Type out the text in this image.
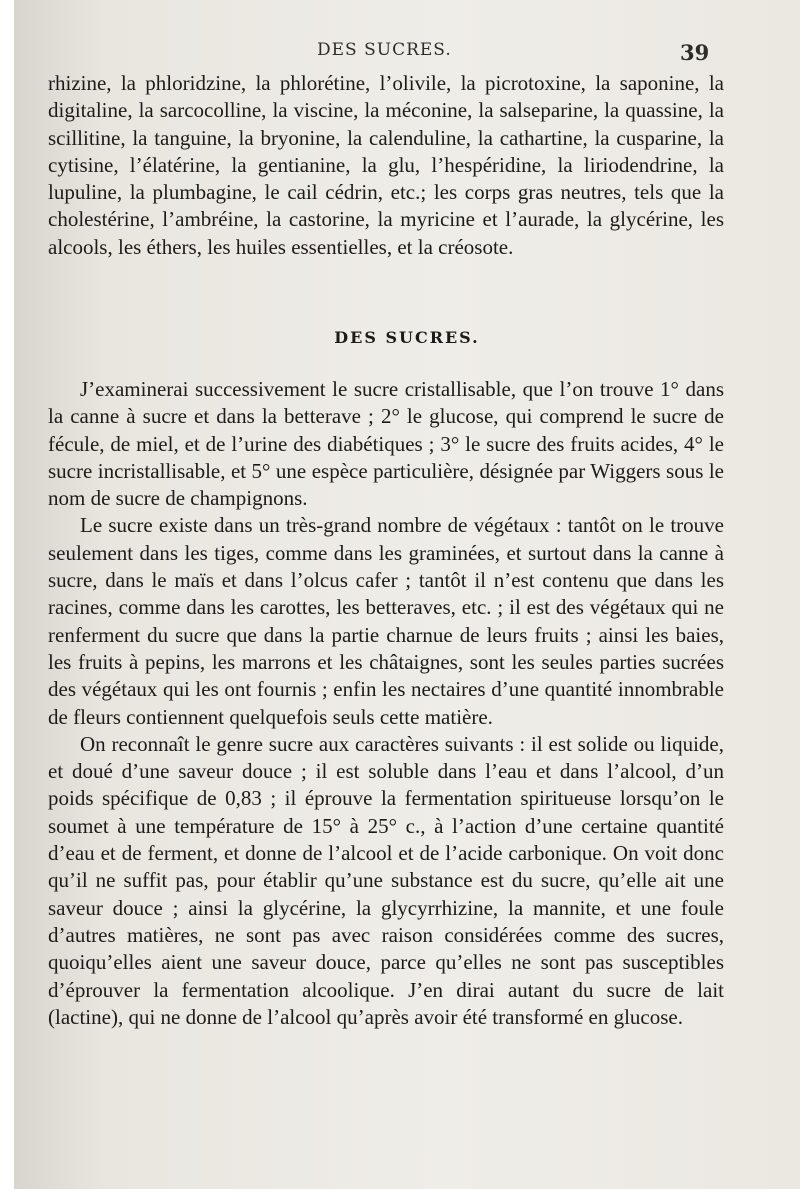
DES SUCRES.	39

rhizine, la phloridzine, la phlorétine, l’olivile, la picrotoxine, la saponine, la digitaline, la sarcocolline, la viscine, la méconine, la salseparine, la quassine, la scillitine, la tanguine, la bryonine, la calenduline, la cathartine, la cusparine, la cytisine, l’élatérine, la gentianine, la glu, l’hespéridine, la liriodendrine, la lupuline, la plumbagine, le cail cédrin, etc.; les corps gras neutres, tels que la cholestérine, l’ambréine, la castorine, la myricine et l’aurade, la glycérine, les alcools, les éthers, les huiles essentielles, et la créosote.

DES SUCRES.

J’examinerai successivement le sucre cristallisable, que l’on trouve 1° dans la canne à sucre et dans la betterave ; 2° le glucose, qui comprend le sucre de fécule, de miel, et de l’urine des diabétiques ; 3° le sucre des fruits acides, 4° le sucre incristallisable, et 5° une espèce particulière, désignée par Wiggers sous le nom de sucre de champignons.

Le sucre existe dans un très-grand nombre de végétaux : tantôt on le trouve seulement dans les tiges, comme dans les graminées, et surtout dans la canne à sucre, dans le maïs et dans l’olcus cafer ; tantôt il n’est contenu que dans les racines, comme dans les carottes, les betteraves, etc. ; il est des végétaux qui ne renferment du sucre que dans la partie charnue de leurs fruits ; ainsi les baies, les fruits à pepins, les marrons et les châtaignes, sont les seules parties sucrées des végétaux qui les ont fournis ; enfin les nectaires d’une quantité innombrable de fleurs contiennent quelquefois seuls cette matière.

On reconnaît le genre sucre aux caractères suivants : il est solide ou liquide, et doué d’une saveur douce ; il est soluble dans l’eau et dans l’alcool, d’un poids spécifique de 0,83 ; il éprouve la fermentation spiritueuse lorsqu’on le soumet à une température de 15° à 25° c., à l’action d’une certaine quantité d’eau et de ferment, et donne de l’alcool et de l’acide carbonique. On voit donc qu’il ne suffit pas, pour établir qu’une substance est du sucre, qu’elle ait une saveur douce ; ainsi la glycérine, la glycyrrhizine, la mannite, et une foule d’autres matières, ne sont pas avec raison considérées comme des sucres, quoiqu’elles aient une saveur douce, parce qu’elles ne sont pas susceptibles d’éprouver la fermentation alcoolique. J’en dirai autant du sucre de lait (lactine), qui ne donne de l’alcool qu’après avoir été transformé en glucose.
